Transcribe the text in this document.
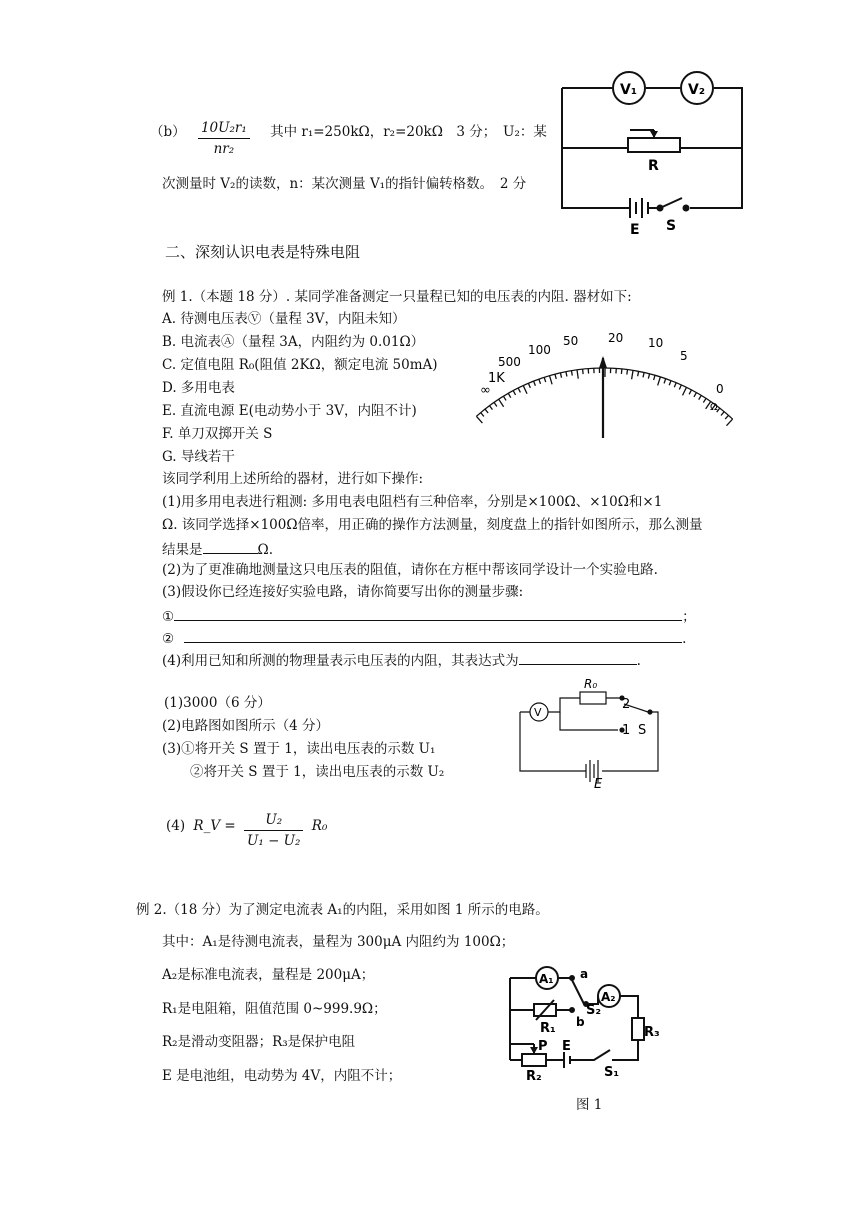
$(b) \frac{\text{10U₂r₁}}{\text{nr₂}}$ 其中 r₁=250kΩ，r₂=20kΩ　3 分；　U₂：某
次测量时 V₂的读数，n：某次测量 V₁的指针偏转格数。　2 分
V₁	V₂
R
E S
二、深刻认识电表是特殊电阻
例 1.（本题 18 分）. 某同学准备测定一只量程已知的电压表的内阻. 器材如下:
A. 待测电压表Ⓥ（量程 3V，内阻未知）
B. 电流表Ⓐ（量程 3A，内阻约为 0.01Ω）
C. 定值电阻 R₀(阻值 2KΩ，额定电流 50mA)
D. 多用电表
E. 直流电源 E(电动势小于 3V，内阻不计)
F. 单刀双掷开关 S
G. 导线若干
该同学利用上述所给的器材，进行如下操作:
(1)用多用电表进行粗测: 多用电表电阻档有三种倍率，分别是×100Ω、×10Ω和×1
Ω. 该同学选择×100Ω倍率，用正确的操作方法测量，刻度盘上的指针如图所示，那么测量
结果是	Ω.
(2)为了更准确地测量这只电压表的阻值，请你在方框中帮该同学设计一个实验电路.
(3)假设你已经连接好实验电路，请你简要写出你的测量步骤:
①	；
②	.
(4)利用已知和所测的物理量表示电压表的内阻，其表达式为	.
∞
1K
500
100
50 20 10
5
0
Ω
(1)3000（6 分）
(2)电路图如图所示（4 分）
(3)①将开关 S 置于 1，读出电压表的示数 U₁
②将开关 S 置于 1，读出电压表的示数 U₂
(4) R_V = $\frac{\text{U₂}}{\text{U₁ − U₂}} R_0$
R₀
2
1 S
V
E
例 2.（18 分）为了测定电流表 A₁的内阻，采用如图 1 所示的电路。
其中：A₁是待测电流表，量程为 300μA 内阻约为 100Ω；
A₂是标准电流表，量程是 200μA；
R₁是电阻箱，阻值范围 0~999.9Ω；
R₂是滑动变阻器；R₃是保护电阻
E 是电池组，电动势为 4V，内阻不计；
A₁ a
S₂
A₂
R₁ b
R₃
P E
R₂	S₁
图 1
